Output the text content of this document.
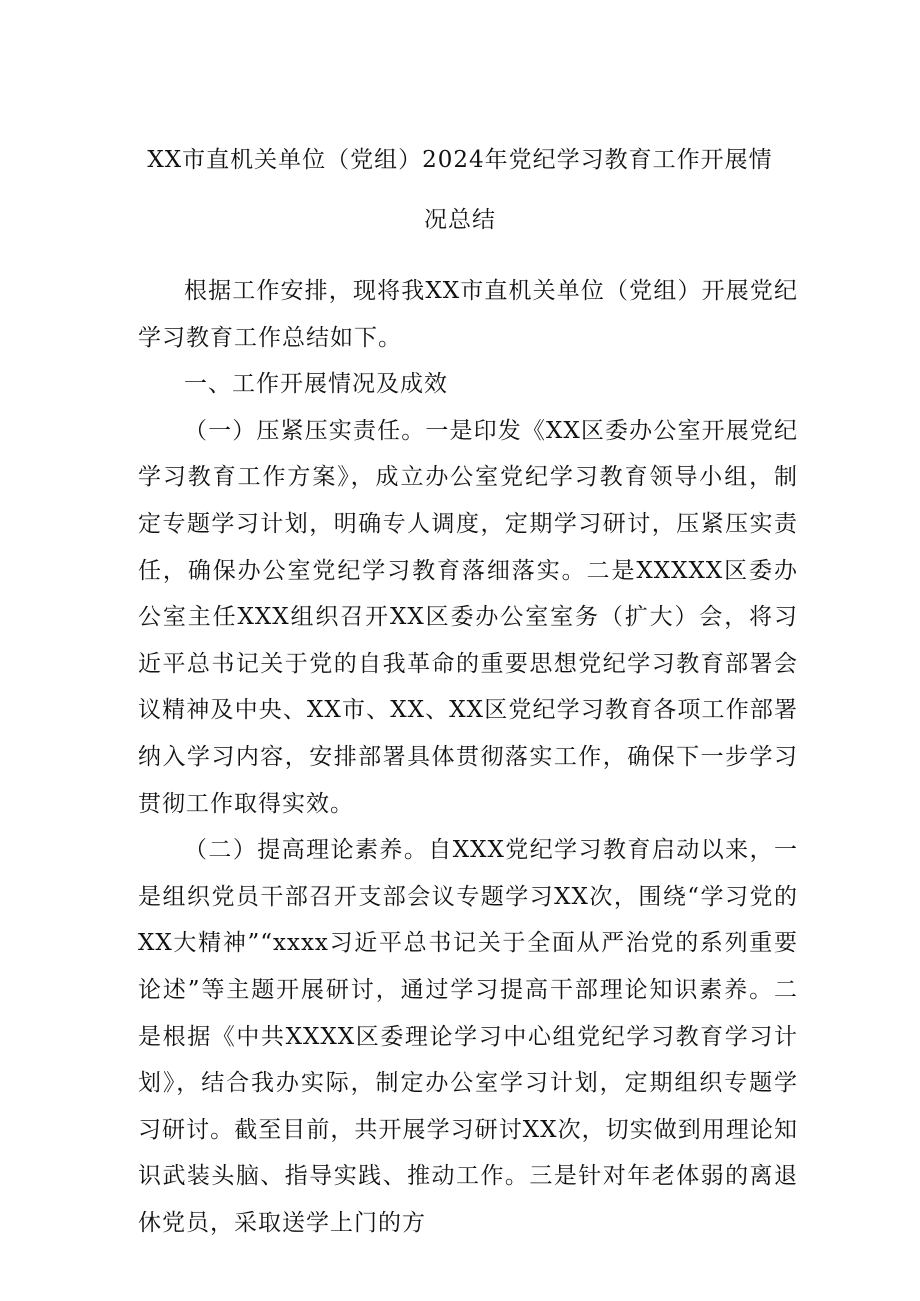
XX市直机关单位（党组）2024年党纪学习教育工作开展情
况总结

根据工作安排，现将我XX市直机关单位（党组）开展党纪学习教育工作总结如下。

一、工作开展情况及成效

（一）压紧压实责任。一是印发《XX区委办公室开展党纪学习教育工作方案》，成立办公室党纪学习教育领导小组，制定专题学习计划，明确专人调度，定期学习研讨，压紧压实责任，确保办公室党纪学习教育落细落实。二是XXXXX区委办公室主任XXX组织召开XX区委办公室室务（扩大）会，将习近平总书记关于党的自我革命的重要思想党纪学习教育部署会议精神及中央、XX市、XX、XX区党纪学习教育各项工作部署纳入学习内容，安排部署具体贯彻落实工作，确保下一步学习贯彻工作取得实效。

（二）提高理论素养。自XXX党纪学习教育启动以来，一是组织党员干部召开支部会议专题学习XX次，围绕“学习党的XX大精神”“xxxx习近平总书记关于全面从严治党的系列重要论述”等主题开展研讨，通过学习提高干部理论知识素养。二是根据《中共XXXX区委理论学习中心组党纪学习教育学习计划》，结合我办实际，制定办公室学习计划，定期组织专题学习研讨。截至目前，共开展学习研讨XX次，切实做到用理论知识武装头脑、指导实践、推动工作。三是针对年老体弱的离退休党员，采取送学上门的方
